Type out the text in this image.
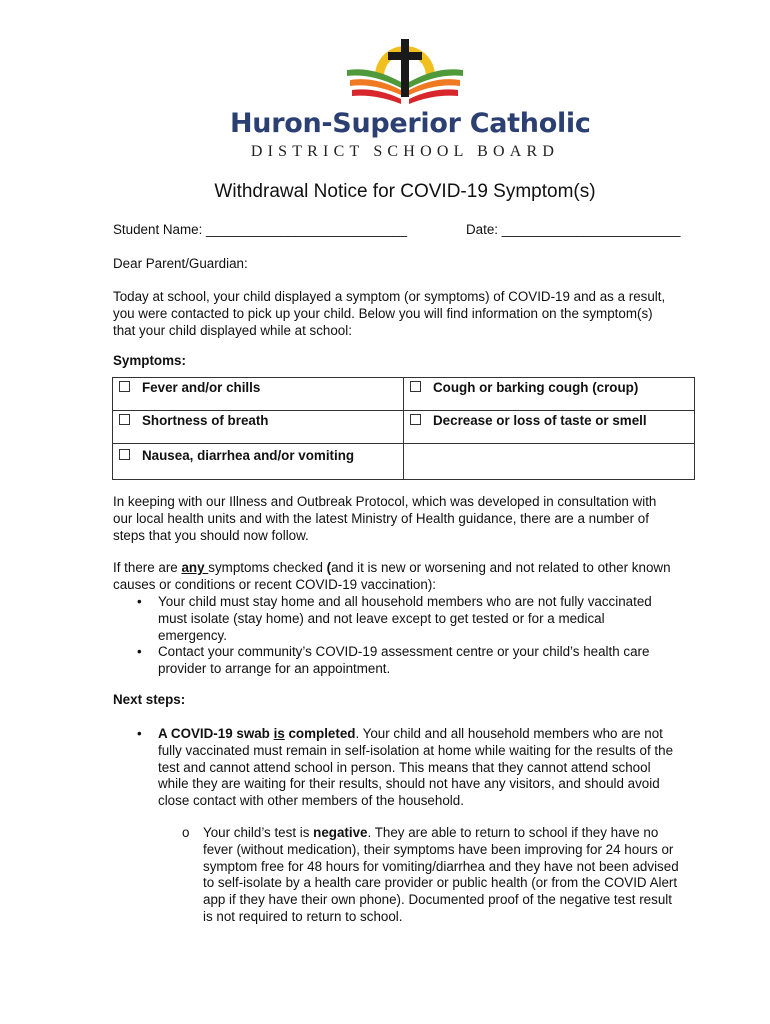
Huron-Superior Catholic
DISTRICT SCHOOL BOARD
Withdrawal Notice for COVID-19 Symptom(s)
Student Name: ___________________________	Date: ________________________
Dear Parent/Guardian:
Today at school, your child displayed a symptom (or symptoms) of COVID-19 and as a result,
you were contacted to pick up your child. Below you will find information on the symptom(s)
that your child displayed while at school:
Symptoms:
Fever and/or chills	Cough or barking cough (croup)
Shortness of breath	Decrease or loss of taste or smell
Nausea, diarrhea and/or vomiting	
In keeping with our Illness and Outbreak Protocol, which was developed in consultation with
our local health units and with the latest Ministry of Health guidance, there are a number of
steps that you should now follow.
If there are any symptoms checked (and it is new or worsening and not related to other known
causes or conditions or recent COVID-19 vaccination):
• Your child must stay home and all household members who are not fully vaccinated
must isolate (stay home) and not leave except to get tested or for a medical
emergency.
• Contact your community’s COVID-19 assessment centre or your child’s health care
provider to arrange for an appointment.
Next steps:
• A COVID-19 swab is completed. Your child and all household members who are not
fully vaccinated must remain in self-isolation at home while waiting for the results of the
test and cannot attend school in person. This means that they cannot attend school
while they are waiting for their results, should not have any visitors, and should avoid
close contact with other members of the household.
o Your child’s test is negative. They are able to return to school if they have no
fever (without medication), their symptoms have been improving for 24 hours or
symptom free for 48 hours for vomiting/diarrhea and they have not been advised
to self-isolate by a health care provider or public health (or from the COVID Alert
app if they have their own phone). Documented proof of the negative test result
is not required to return to school.
